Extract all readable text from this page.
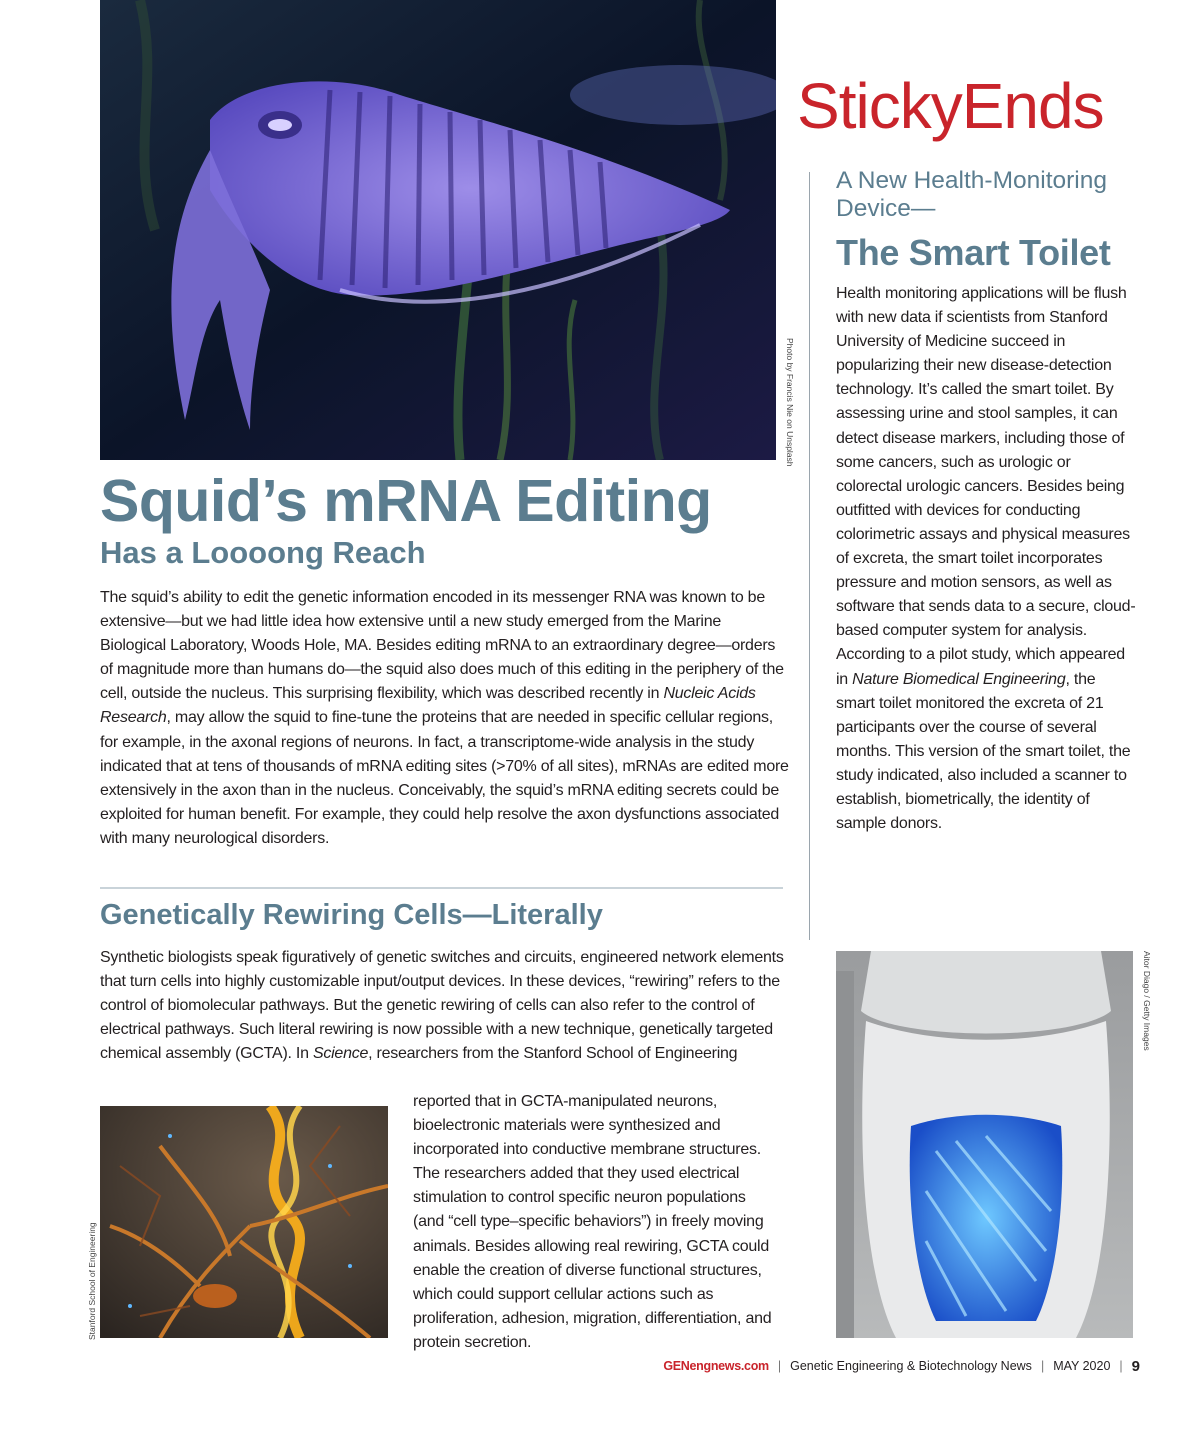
Photo by Francis Nie on Unsplash
StickyEnds
Squid’s mRNA Editing
Has a Loooong Reach
The squid’s ability to edit the genetic information encoded in its messenger RNA was known to be extensive—but we had little idea how extensive until a new study emerged from the Marine Biological Laboratory, Woods Hole, MA. Besides editing mRNA to an extraordinary degree—orders of magnitude more than humans do—the squid also does much of this editing in the periphery of the cell, outside the nucleus. This surprising flexibility, which was described recently in Nucleic Acids Research, may allow the squid to fine-tune the proteins that are needed in specific cellular regions, for example, in the axonal regions of neurons. In fact, a transcriptome-wide analysis in the study indicated that at tens of thousands of mRNA editing sites (>70% of all sites), mRNAs are edited more extensively in the axon than in the nucleus. Conceivably, the squid’s mRNA editing secrets could be exploited for human benefit. For example, they could help resolve the axon dysfunctions associated with many neurological disorders.
Genetically Rewiring Cells—Literally
Synthetic biologists speak figuratively of genetic switches and circuits, engineered network elements that turn cells into highly customizable input/output devices. In these devices, “rewiring” refers to the control of biomolecular pathways. But the genetic rewiring of cells can also refer to the control of electrical pathways. Such literal rewiring is now possible with a new technique, genetically targeted chemical assembly (GCTA). In Science, researchers from the Stanford School of Engineering
Stanford School of Engineering
reported that in GCTA-manipulated neurons, bioelectronic materials were synthesized and incorporated into conductive membrane structures. The researchers added that they used electrical stimulation to control specific neuron populations (and “cell type–specific behaviors”) in freely moving animals. Besides allowing real rewiring, GCTA could enable the creation of diverse functional structures, which could support cellular actions such as proliferation, adhesion, migration, differentiation, and protein secretion.
A New Health-Monitoring Device—
The Smart Toilet
Health monitoring applications will be flush with new data if scientists from Stanford University of Medicine succeed in popularizing their new disease-detection technology. It’s called the smart toilet. By assessing urine and stool samples, it can detect disease markers, including those of some cancers, such as urologic or colorectal urologic cancers. Besides being outfitted with devices for conducting colorimetric assays and physical measures of excreta, the smart toilet incorporates pressure and motion sensors, as well as software that sends data to a secure, cloud-based computer system for analysis. According to a pilot study, which appeared in Nature Biomedical Engineering, the smart toilet monitored the excreta of 21 participants over the course of several months. This version of the smart toilet, the study indicated, also included a scanner to establish, biometrically, the identity of sample donors.
Aitor Diago / Getty Images
GENengnews.com | Genetic Engineering & Biotechnology News | MAY 2020 | 9
